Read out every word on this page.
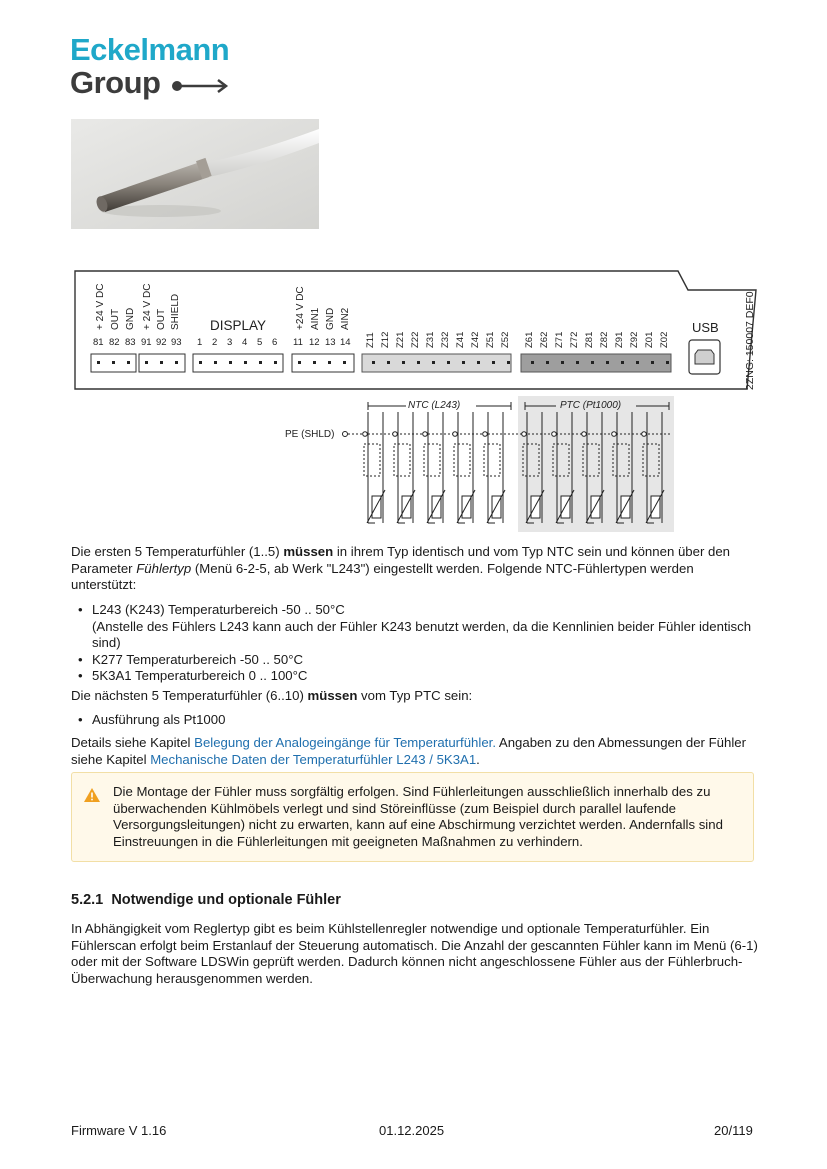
Eckelmann
Group
+ 24 V DC OUT GND + 24 V DC OUT SHIELD	+24 V DC AIN1 GND AIN2
DISPLAY
81 82 83 91 92 93 1 2 3 4 5 6 11 12 13 14 Z11 Z12 Z21 Z22 Z31 Z32 Z41 Z42 Z51 Z52 Z61 Z62 Z71 Z72 Z81 Z82 Z91 Z92 Z01 Z02
USB 2ZNG: 150007 DEF0
NTC (L243)	PTC (Pt1000)
PE (SHLD)
Die ersten 5 Temperaturfühler (1..5) müssen in ihrem Typ identisch und vom Typ NTC sein und können über den Parameter Fühlertyp (Menü 6-2-5, ab Werk "L243") eingestellt werden. Folgende NTC-Fühlertypen werden unterstützt:
• L243 (K243) Temperaturbereich -50 .. 50°C
(Anstelle des Fühlers L243 kann auch der Fühler K243 benutzt werden, da die Kennlinien beider Fühler identisch sind)
• K277 Temperaturbereich -50 .. 50°C
• 5K3A1 Temperaturbereich 0 .. 100°C
Die nächsten 5 Temperaturfühler (6..10) müssen vom Typ PTC sein:
• Ausführung als Pt1000
Details siehe Kapitel Belegung der Analogeingänge für Temperaturfühler. Angaben zu den Abmessungen der Fühler siehe Kapitel Mechanische Daten der Temperaturfühler L243 / 5K3A1.
Die Montage der Fühler muss sorgfältig erfolgen. Sind Fühlerleitungen ausschließlich innerhalb des zu überwachenden Kühlmöbels verlegt und sind Störeinflüsse (zum Beispiel durch parallel laufende Versorgungsleitungen) nicht zu erwarten, kann auf eine Abschirmung verzichtet werden. Andernfalls sind Einstreuungen in die Fühlerleitungen mit geeigneten Maßnahmen zu verhindern.
5.2.1 Notwendige und optionale Fühler
In Abhängigkeit vom Reglertyp gibt es beim Kühlstellenregler notwendige und optionale Temperaturfühler. Ein Fühlerscan erfolgt beim Erstanlauf der Steuerung automatisch. Die Anzahl der gescannten Fühler kann im Menü (6-1) oder mit der Software LDSWin geprüft werden. Dadurch können nicht angeschlossene Fühler aus der Fühlerbruch-Überwachung herausgenommen werden.
Firmware V 1.16	01.12.2025	20/119
